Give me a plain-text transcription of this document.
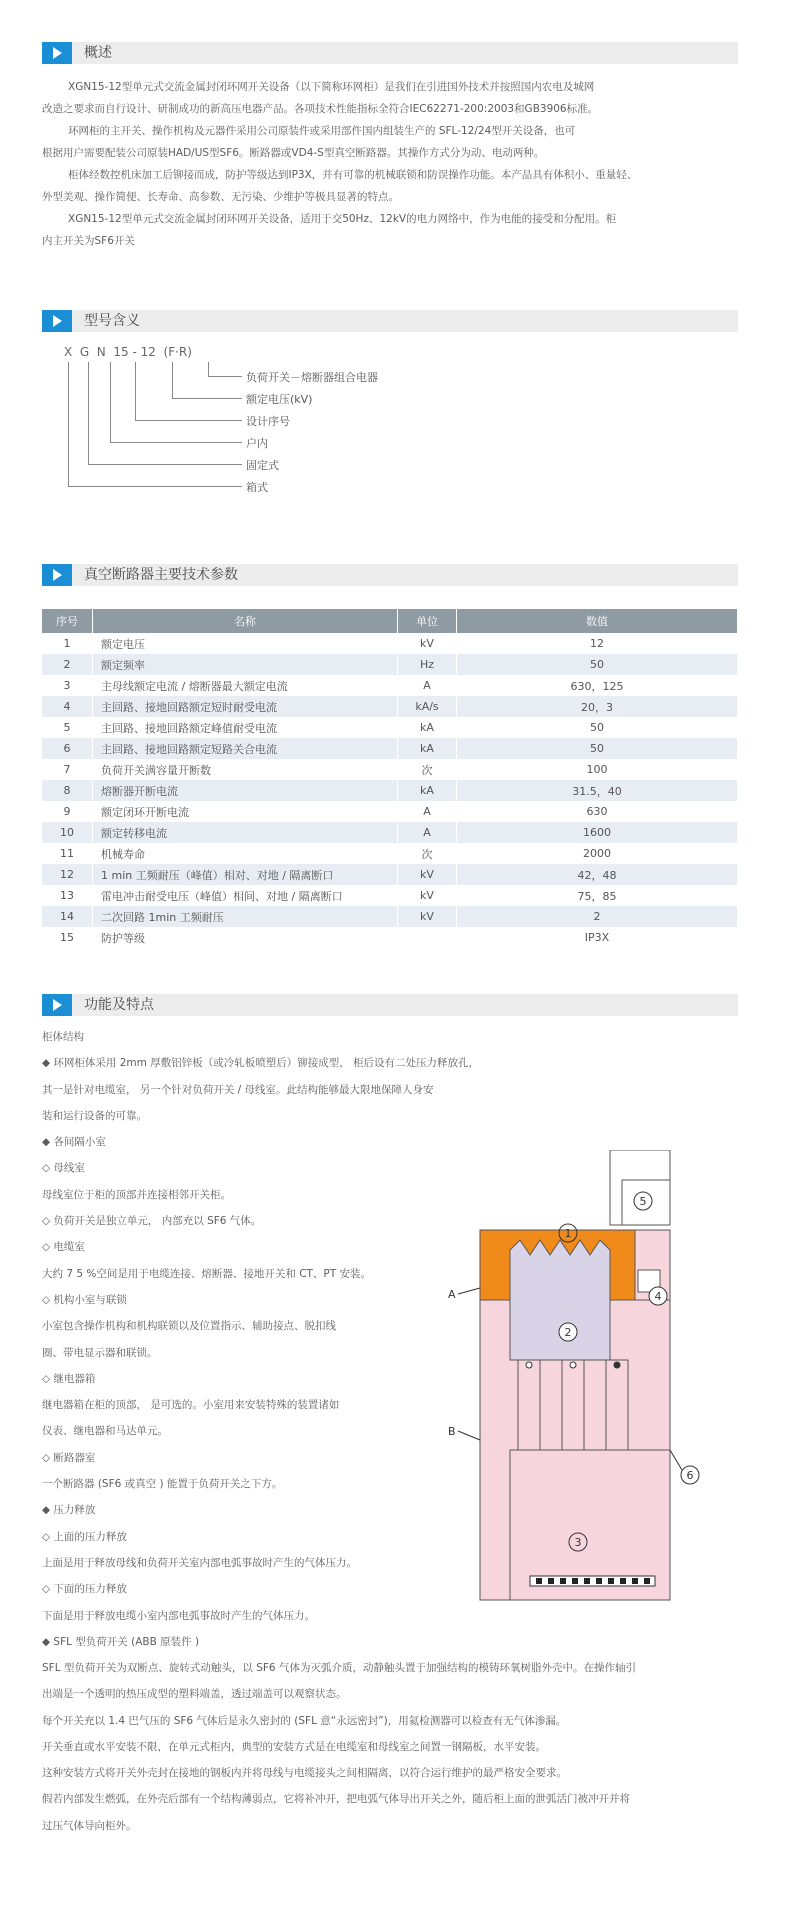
概述

XGN15-12型单元式交流金属封闭环网开关设备（以下简称环网柜）是我们在引进国外技术并按照国内农电及城网

改造之要求而自行设计、研制成功的新高压电器产品。各项技术性能指标全符合IEC62271-200:2003和GB3906标准。

环网柜的主开关、操作机构及元器件采用公司原装件或采用部件国内组装生产的 SFL-12/24型开关设备，也可

根据用户需要配装公司原装HAD/US型SF6。断路器或VD4-S型真空断路器。其操作方式分为动、电动两种。

柜体经数控机床加工后铆接而成，防护等级达到IP3X，并有可靠的机械联锁和防误操作功能。本产品具有体积小、重量轻、

外型美观、操作简便、长寿命、高参数、无污染、少维护等极具显著的特点。

XGN15-12型单元式交流金属封闭环网开关设备，适用于交50Hz、12kV的电力网络中，作为电能的接受和分配用。柜

内主开关为SF6开关

型号含义
X  G  N  15 - 12  (F·R)
负荷开关－熔断器组合电器
额定电压(kV)
设计序号
户内
固定式
箱式
真空断路器主要技术参数
序号	名称	单位	数值
1	额定电压	kV	12
2	额定频率	Hz	50
3	主母线额定电流 / 熔断器最大额定电流	A	630，125
4	主回路、接地回路额定短时耐受电流	kA/s	20，3
5	主回路、接地回路额定峰值耐受电流	kA	50
6	主回路、接地回路额定短路关合电流	kA	50
7	负荷开关满容量开断数	次	100
8	熔断器开断电流	kA	31.5，40
9	额定闭环开断电流	A	630
10	额定转移电流	A	1600
11	机械寿命	次	2000
12	1 min 工频耐压（峰值）相对、对地 / 隔离断口	kV	42，48
13	雷电冲击耐受电压（峰值）相间、对地 / 隔离断口	kV	75，85
14	二次回路 1min 工频耐压	kV	2
15	防护等级		IP3X
功能及特点
柜体结构
◆ 环网柜体采用 2mm 厚敷铝锌板（或冷轧板喷塑后）铆接成型， 柜后设有二处压力释放孔，
其一是针对电缆室， 另一个针对负荷开关 / 母线室。此结构能够最大限地保障人身安
装和运行设备的可靠。
◆ 各间隔小室
◇ 母线室
母线室位于柜的顶部并连接相邻开关柜。
◇ 负荷开关是独立单元， 内部充以 SF6 气体。
◇ 电缆室
大约 7 5 %空间是用于电缆连接、熔断器、接地开关和 CT、PT 安装。
◇ 机构小室与联锁
小室包含操作机构和机构联锁以及位置指示、辅助接点、脱扣线
圈、带电显示器和联锁。
◇ 继电器箱
继电器箱在柜的顶部， 是可选的。小室用来安装特殊的装置诸如
仪表、继电器和马达单元。
◇ 断路器室
一个断路器 (SF6 或真空 ) 能置于负荷开关之下方。
◆ 压力释放
◇ 上面的压力释放
上面是用于释放母线和负荷开关室内部电弧事故时产生的气体压力。
◇ 下面的压力释放
下面是用于释放电缆小室内部电弧事故时产生的气体压力。
◆ SFL 型负荷开关 (ABB 原装件 )
SFL 型负荷开关为双断点、旋转式动触头，以 SF6 气体为灭弧介质，动静触头置于加强结构的模铸环氧树脂外壳中。在操作轴引
出端是一个透明的热压成型的塑料端盖，透过端盖可以观察状态。
每个开关充以 1.4 巴气压的 SF6 气体后是永久密封的 (SFL 意“永远密封”)，用氦检测器可以检查有无气体渗漏。
开关垂直或水平安装不限，在单元式柜内，典型的安装方式是在电缆室和母线室之间置一钢隔板，水平安装。
这种安装方式将开关外壳封在接地的钢板内并将母线与电缆接头之间相隔离，以符合运行维护的最严格安全要求。
假若内部发生燃弧，在外壳后部有一个结构薄弱点，它将补冲开，把电弧气体导出开关之外，随后柜上面的泄弧活门被冲开并将
过压气体导向柜外。
5
1
2
4
3
6
A
B
